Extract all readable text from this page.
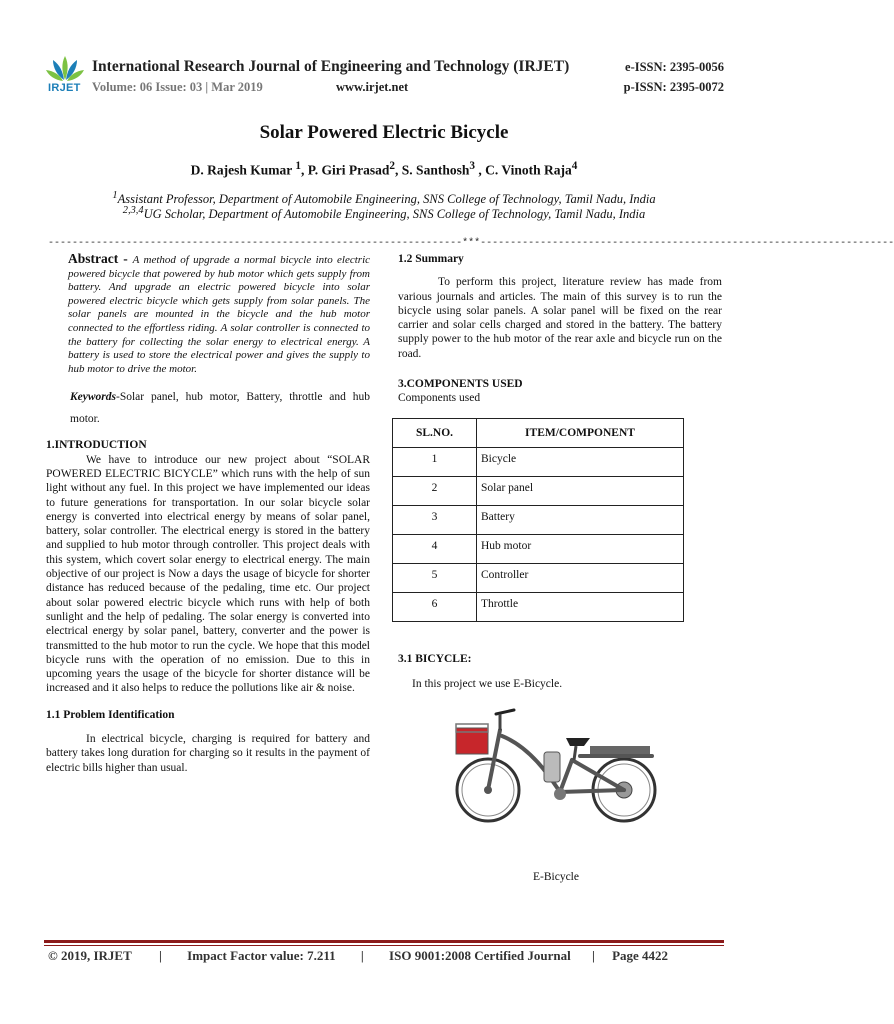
IRJET
International Research Journal of Engineering and Technology (IRJET)
Volume: 06 Issue: 03 | Mar 2019	www.irjet.net
e-ISSN: 2395-0056
p-ISSN: 2395-0072
Solar Powered Electric Bicycle
D. Rajesh Kumar $^1$, P. Giri Prasad$^2$, S. Santhosh$^3$ , C. Vinoth Raja$^4$
$^1$Assistant Professor, Department of Automobile Engineering, SNS College of Technology, Tamil Nadu, India
$^{2,3,4}$UG Scholar, Department of Automobile Engineering, SNS College of Technology, Tamil Nadu, India
---------------------------------------------------------------------***---------------------------------------------------------------------
Abstract - A method of upgrade a normal bicycle into electric powered bicycle that powered by hub motor which gets supply from battery. And upgrade an electric powered bicycle into solar powered electric bicycle which gets supply from solar panels. The solar panels are mounted in the bicycle and the hub motor connected to the effortless riding. A solar controller is connected to the battery for collecting the solar energy to electrical energy. A battery is used to store the electrical power and gives the supply to hub motor to drive the motor.
Keywords-Solar panel, hub motor, Battery, throttle and hub motor.
1.INTRODUCTION
We have to introduce our new project about “SOLAR POWERED ELECTRIC BICYCLE” which runs with the help of sun light without any fuel. In this project we have implemented our ideas to future generations for transportation. In our solar bicycle solar energy is converted into electrical energy by means of solar panel, battery, solar controller. The electrical energy is stored in the battery and supplied to hub motor through controller. This project deals with this system, which covert solar energy to electrical energy. The main objective of our project is Now a days the usage of bicycle for shorter distance has reduced because of the pedaling, time etc. Our project about solar powered electric bicycle which runs with help of both sunlight and the help of pedaling. The solar energy is converted into electrical energy by solar panel, battery, converter and the power is transmitted to the hub motor to run the cycle. We hope that this model bicycle runs with the operation of no emission. Due to this in upcoming years the usage of the bicycle for shorter distance will be increased and it also helps to reduce the pollutions like air & noise.
1.1 Problem Identification
In electrical bicycle, charging is required for battery and battery takes long duration for charging so it results in the payment of electric bills higher than usual.
1.2 Summary
To perform this project, literature review has made from various journals and articles. The main of this survey is to run the bicycle using solar panels. A solar panel will be fixed on the rear carrier and solar cells charged and stored in the battery. The battery supply power to the hub motor of the rear axle and bicycle run on the road.
3.COMPONENTS USED
Components used
SL.NO.	ITEM/COMPONENT
1	Bicycle
2	Solar panel
3	Battery
4	Hub motor
5	Controller
6	Throttle
3.1 BICYCLE:
In this project we use E-Bicycle.
E-Bicycle
© 2019, IRJET | Impact Factor value: 7.211 | ISO 9001:2008 Certified Journal | Page 4422
